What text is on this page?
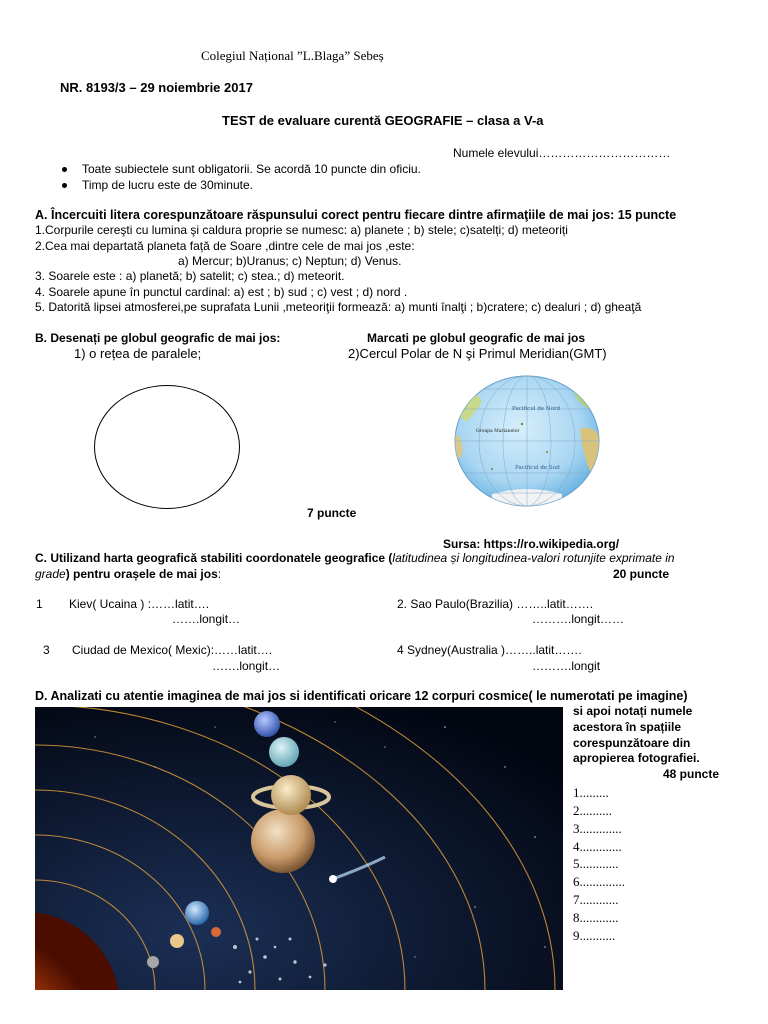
Colegiul Național ”L.Blaga” Sebeș
NR. 8193/3 – 29 noiembrie 2017
TEST de evaluare curentă GEOGRAFIE – clasa a V-a
Numele elevului……………………………
Toate subiectele sunt obligatorii. Se acordă 10 puncte din oficiu.
Timp de lucru este de 30minute.
A. Încercuiti litera corespunzătoare răspunsului corect pentru fiecare dintre afirmaţiile de mai jos: 15 puncte
1.Corpurile cereşti cu lumina şi caldura proprie se numesc: a) planete ; b) stele; c)satelți; d) meteoriți
2.Cea mai departată planeta față de Soare ,dintre cele de mai jos ,este:
a) Mercur; b)Uranus; c) Neptun; d) Venus.
3. Soarele este : a) planetă; b) satelit; c) stea.; d) meteorit.
4. Soarele apune în punctul cardinal: a) est ; b) sud ; c) vest ; d) nord .
5. Datorită lipsei atmosferei,pe suprafata Lunii ,meteoriţii formează: a) munti înalţi ; b)cratere; c) dealuri ; d) gheaţă
B. Desenați pe globul geografic de mai jos:	Marcati pe globul geografic de mai jos
1) o rețea de paralele;	2)Cercul Polar de N şi Primul Meridian(GMT)
Pacificul de Nord
Pacificul de Sud
Groapa Marianelor
7 puncte
Sursa: https://ro.wikipedia.org/
C. Utilizand harta geografică stabiliti coordonatele geografice (latitudinea și longitudinea-valori rotunjite exprimate in
grade) pentru orașele de mai jos:	20 puncte
1 Kiev( Ucaina ) :……latit….
…….longit…
2. Sao Paulo(Brazilia) ……..latit…….
……….longit……
3 Ciudad de Mexico( Mexic):……latit….
…….longit…
4 Sydney(Australia )……..latit…….
……….longit
D. Analizati cu atentie imaginea de mai jos si identificati oricare 12 corpuri cosmice( le numerotati pe imagine)
si apoi notați numele
acestora în spațiile
corespunzătoare din
apropierea fotografiei.
48 puncte
1.........
2..........
3.............
4.............
5............
6..............
7............
8............
9...........
